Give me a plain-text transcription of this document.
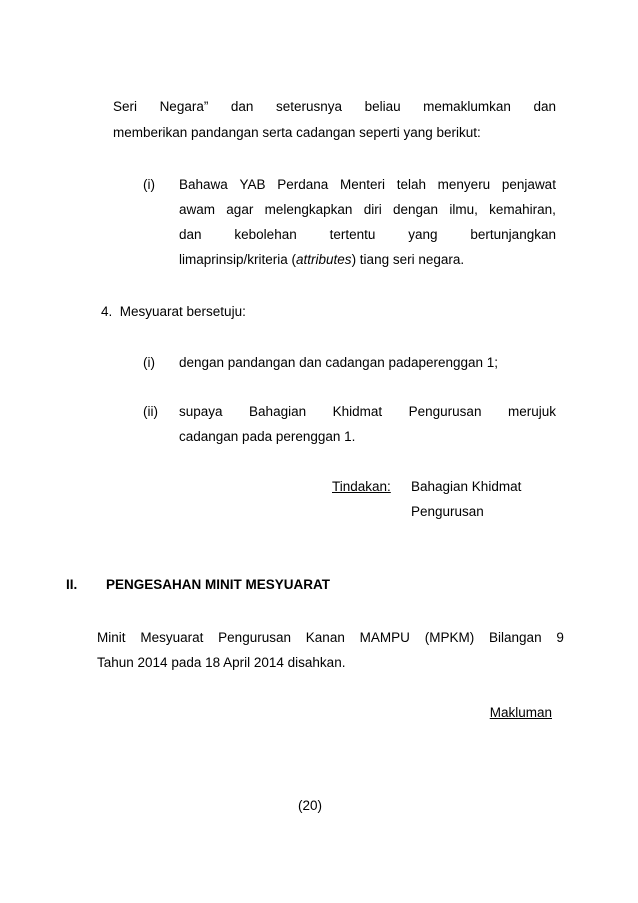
Seri Negara” dan seterusnya beliau memaklumkan dan
memberikan pandangan serta cadangan seperti yang berikut:
(i) Bahawa YAB Perdana Menteri telah menyeru penjawat
awam agar melengkapkan diri dengan ilmu, kemahiran,
dan kebolehan tertentu yang bertunjangkan
limaprinsip/kriteria (attributes) tiang seri negara.
4.  Mesyuarat bersetuju:
(i) dengan pandangan dan cadangan padaperenggan 1;
(ii) supaya Bahagian Khidmat Pengurusan merujuk
cadangan pada perenggan 1.
Tindakan: Bahagian Khidmat
Pengurusan
II. PENGESAHAN MINIT MESYUARAT
Minit Mesyuarat Pengurusan Kanan MAMPU (MPKM) Bilangan 9
Tahun 2014 pada 18 April 2014 disahkan.
Makluman
(20)
